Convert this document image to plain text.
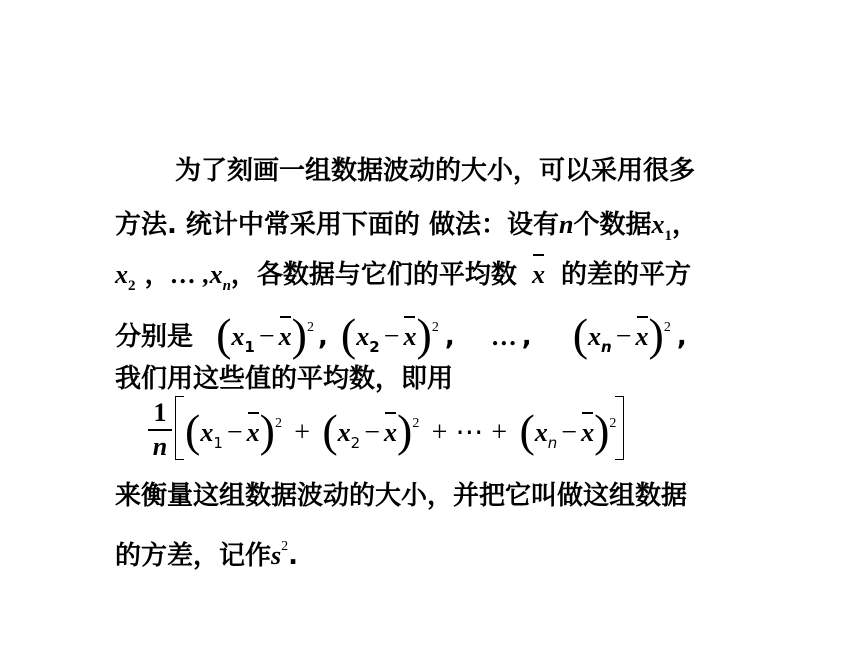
为了刻画一组数据波动的大小，可以采用很多
方法. 统计中常采用下面的 做法：设有n个数据$x_1$，
$x_2$ ，… $,x_n$，各数据与它们的平均数 x 的差的平方
分别是 $(x_1 - x)^2$ , $(x_2 - x)^2$ , … , $(x_n - x)^2$ ,
我们用这些值的平均数，即用
1
n $(x_1 - x)^2 + (x_2 - x)^2$ + ⋯ + $(x_n - x)^2$
来衡量这组数据波动的大小，并把它叫做这组数据
的方差，记作$s^2$.
